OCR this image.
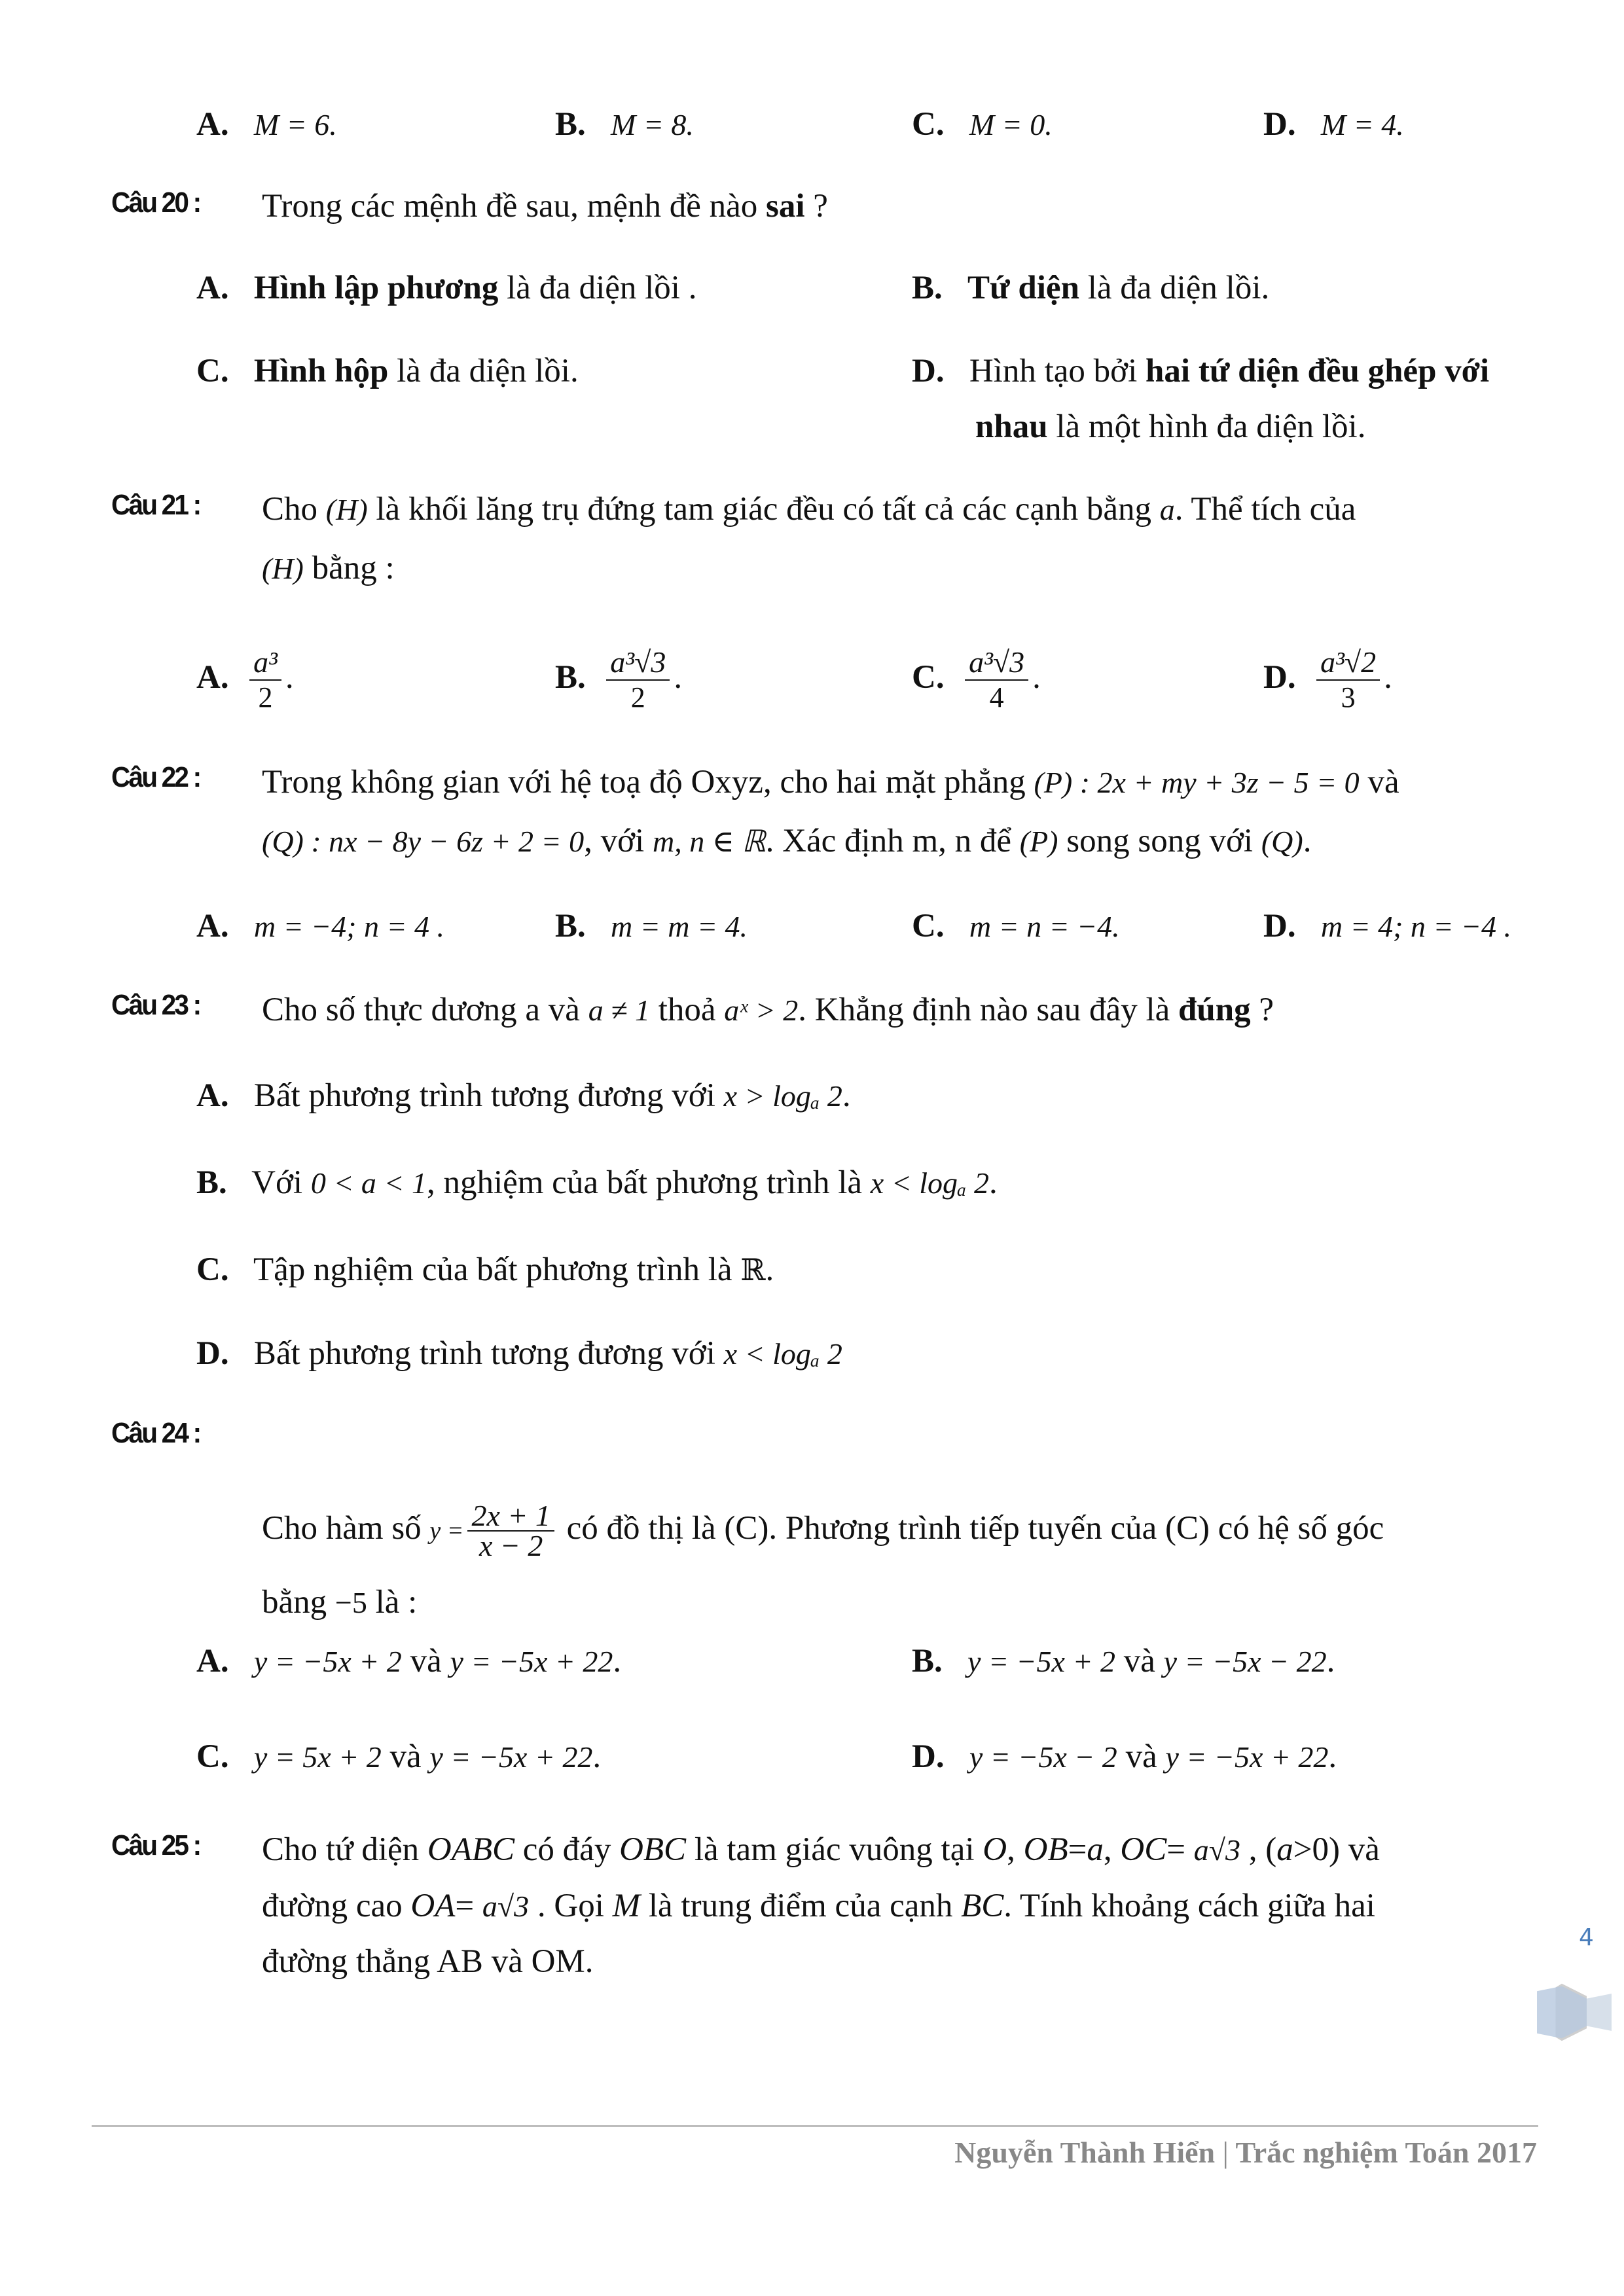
A. M = 6.	B. M = 8.	C. M = 0.	D. M = 4.
Câu 20 : Trong các mệnh đề sau, mệnh đề nào sai ?
A. Hình lập phương là đa diện lồi .	B. Tứ diện là đa diện lồi.
C. Hình hộp là đa diện lồi.	D. Hình tạo bởi hai tứ diện đều ghép với
nhau là một hình đa diện lồi.
Câu 21 : Cho (H) là khối lăng trụ đứng tam giác đều có tất cả các cạnh bằng a. Thể tích của
(H) bằng :
A. $\frac{\text{a³}}{2}$ .	B. $\frac{\text{a³√3}}{2}$ .	C. $\frac{\text{a³√3}}{4}$ .	D. $\frac{\text{a³√2}}{3}$ .
Câu 22 : Trong không gian với hệ toạ độ Oxyz, cho hai mặt phẳng (P) : 2x + my + 3z − 5 = 0 và
(Q) : nx − 8y − 6z + 2 = 0, với m, n ∈ ℝ. Xác định m, n để (P) song song với (Q).
A. m = −4; n = 4 .	B. m = m = 4.	C. m = n = −4.	D. m = 4; n = −4 .
Câu 23 : Cho số thực dương a và a ≠ 1 thoả aˣ > 2. Khẳng định nào sau đây là đúng ?
A. Bất phương trình tương đương với x > logₐ 2.
B. Với 0 < a < 1, nghiệm của bất phương trình là x < logₐ 2.
C. Tập nghiệm của bất phương trình là ℝ.
D. Bất phương trình tương đương với x < logₐ 2
Câu 24 :
Cho hàm số $y = \frac{2x + 1}{x - 2}$ có đồ thị là (C). Phương trình tiếp tuyến của (C) có hệ số góc
bằng −5 là :
A. y = −5x + 2 và y = −5x + 22.	B. y = −5x + 2 và y = −5x − 22.
C. y = 5x + 2 và y = −5x + 22.	D. y = −5x − 2 và y = −5x + 22.
Câu 25 : Cho tứ diện OABC có đáy OBC là tam giác vuông tại O, OB=a, OC= a√3 , (a>0) và
đường cao OA= a√3 . Gọi M là trung điểm của cạnh BC. Tính khoảng cách giữa hai
đường thẳng AB và OM.
4
Nguyễn Thành Hiển | Trắc nghiệm Toán 2017
